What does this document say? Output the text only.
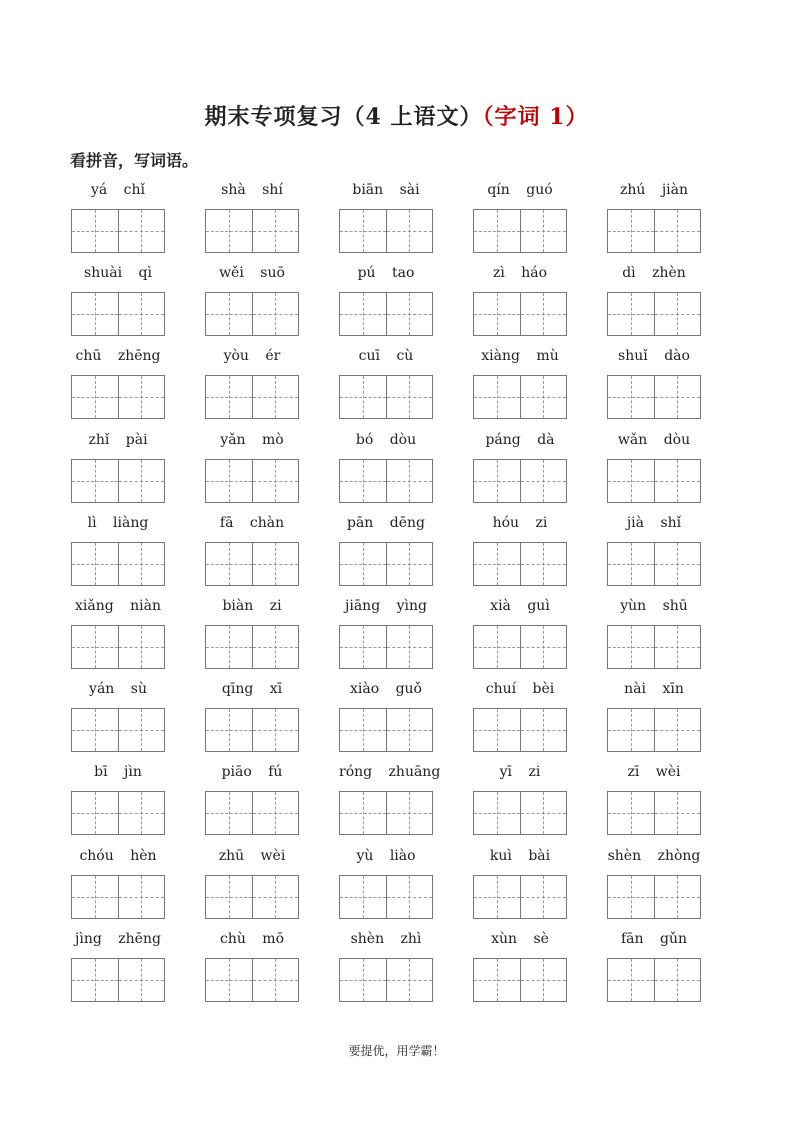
期末专项复习（4 上语文）（字词 1）
看拼音，写词语。
yá chǐ	shà shí	biān sài	qín guó	zhú jiàn
shuài qì	wěi suō	pú tao	zì háo	dì zhèn
chū zhēng	yòu ér	cuī cù	xiàng mù	shuǐ dào
zhǐ pài	yǎn mò	bó dòu	páng dà	wǎn dòu
lì liàng	fā chàn	pān dēng	hóu zi	jià shǐ
xiǎng niàn	biàn zi	jiāng yìng	xià guì	yùn shū
yán sù	qīng xī	xiào guǒ	chuí bèi	nài xīn
bī jìn	piāo fú	róng zhuāng	yī zi	zī wèi
chóu hèn	zhū wèi	yù liào	kuì bài	shèn zhòng
jìng zhēng	chù mō	shèn zhì	xùn sè	fān gǔn
要提优，用学霸！
